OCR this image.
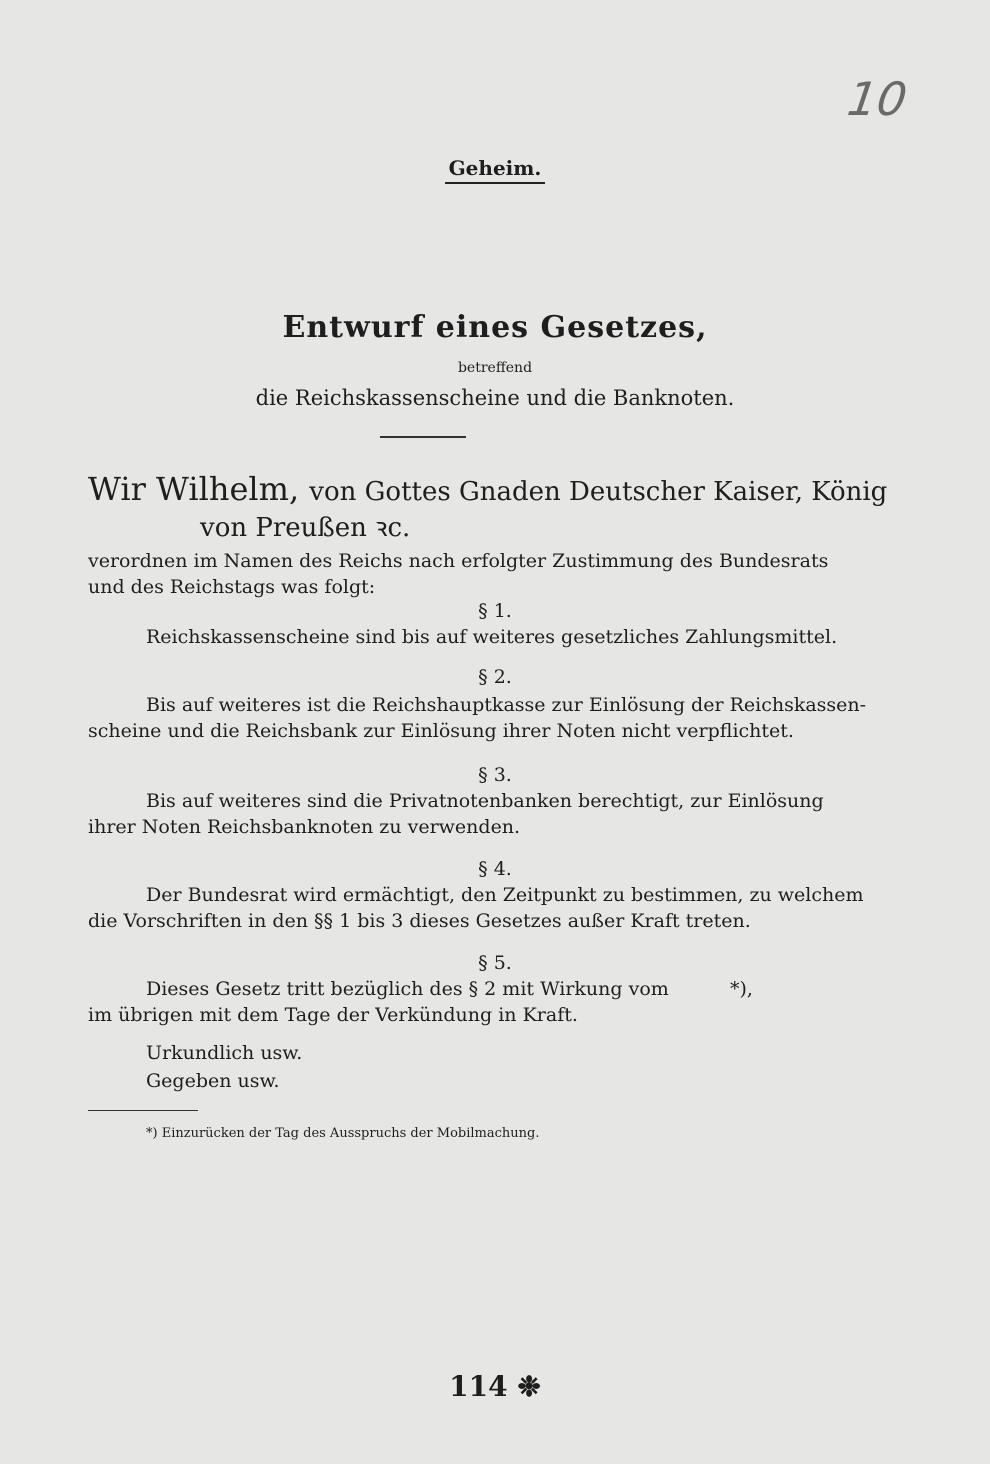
10
Geheim.
Entwurf eines Gesetzes,
betreffend
die Reichskassenscheine und die Banknoten.
Wir Wilhelm, von Gottes Gnaden Deutscher Kaiser, König
von Preußen ꝛc.
verordnen im Namen des Reichs nach erfolgter Zustimmung des Bundesrats
und des Reichstags was folgt:
§ 1.
Reichskassenscheine sind bis auf weiteres gesetzliches Zahlungsmittel.
§ 2.
Bis auf weiteres ist die Reichshauptkasse zur Einlösung der Reichskassen-
scheine und die Reichsbank zur Einlösung ihrer Noten nicht verpflichtet.
§ 3.
Bis auf weiteres sind die Privatnotenbanken berechtigt, zur Einlösung
ihrer Noten Reichsbanknoten zu verwenden.
§ 4.
Der Bundesrat wird ermächtigt, den Zeitpunkt zu bestimmen, zu welchem
die Vorschriften in den §§ 1 bis 3 dieses Gesetzes außer Kraft treten.
§ 5.
Dieses Gesetz tritt bezüglich des § 2 mit Wirkung vom	*),
im übrigen mit dem Tage der Verkündung in Kraft.
Urkundlich usw.
Gegeben usw.
*) Einzurücken der Tag des Ausspruchs der Mobilmachung.
114 ❉
